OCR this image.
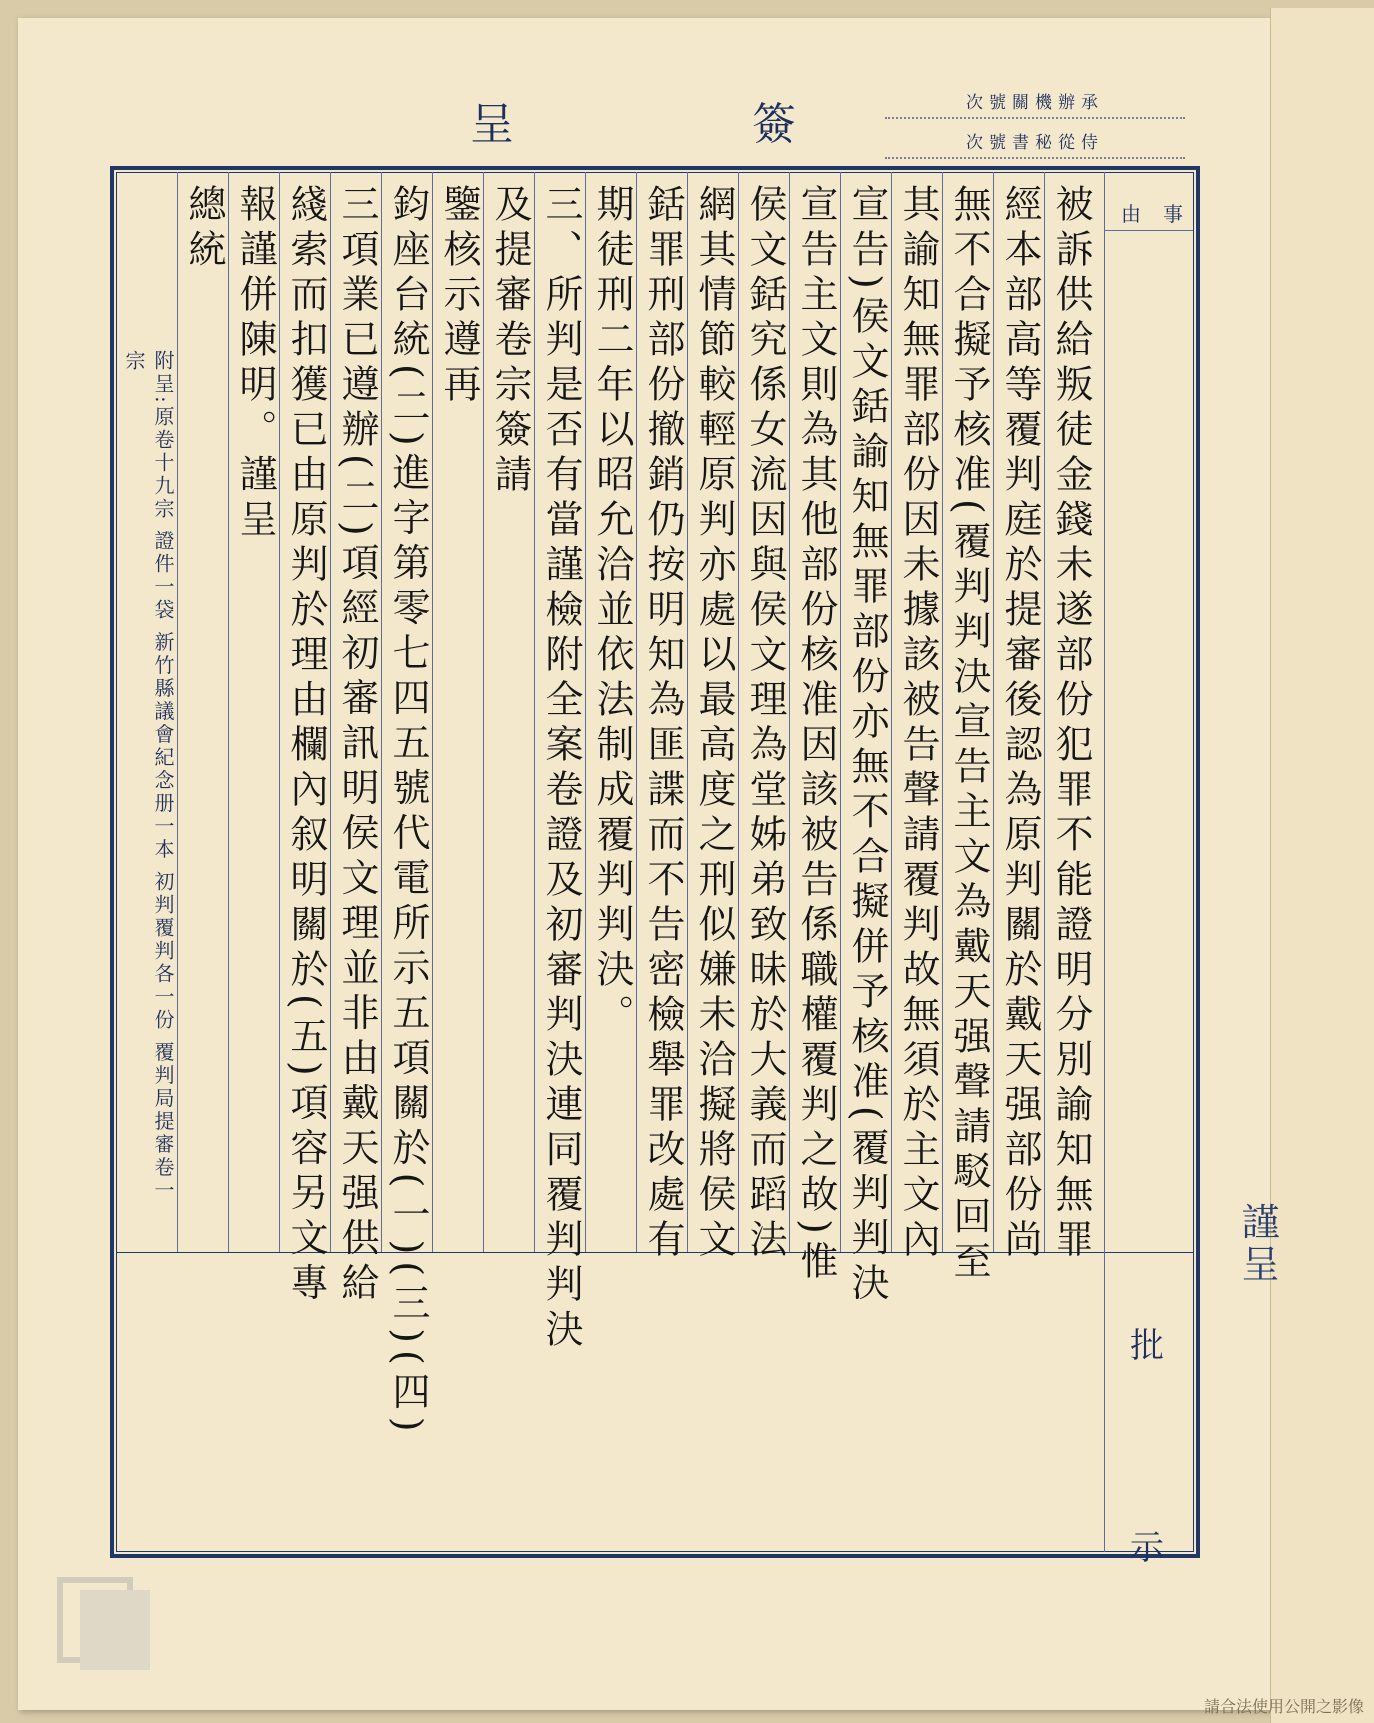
謹呈
呈	簽	次號關機辦承
次號書秘從侍
事
由
被訴供給叛徒金錢未遂部份犯罪不能證明分別諭知無罪
經本部高等覆判庭於提審後認為原判關於戴天强部份尚
無不合擬予核准(覆判判決宣告主文為戴天强聲請駁回至
其諭知無罪部份因未據該被告聲請覆判故無須於主文內
宣告)侯文銛諭知無罪部份亦無不合擬併予核准(覆判判決
宣告主文則為其他部份核准因該被告係職權覆判之故)惟
侯文銛究係女流因與侯文理為堂姊弟致昧於大義而蹈法
網其情節較輕原判亦處以最高度之刑似嫌未洽擬將侯文
銛罪刑部份撤銷仍按明知為匪諜而不告密檢舉罪改處有
期徒刑二年以昭允洽並依法制成覆判判決。
三、所判是否有當謹檢附全案卷證及初審判決連同覆判判決
及提審卷宗簽請
鑒核示遵再
鈞座台統(二)進字第零七四五號代電所示五項關於(一)(三)(四)
三項業已遵辦(二)項經初審訊明侯文理並非由戴天强供給
綫索而扣獲已由原判於理由欄內叙明關於(五)項容另文專
報謹併陳明。謹呈
總統
附呈:原卷十九宗 證件一袋 新竹縣議會紀念册一本 初判覆判各一份 覆判局提審卷一宗
批
示
請合法使用公開之影像
